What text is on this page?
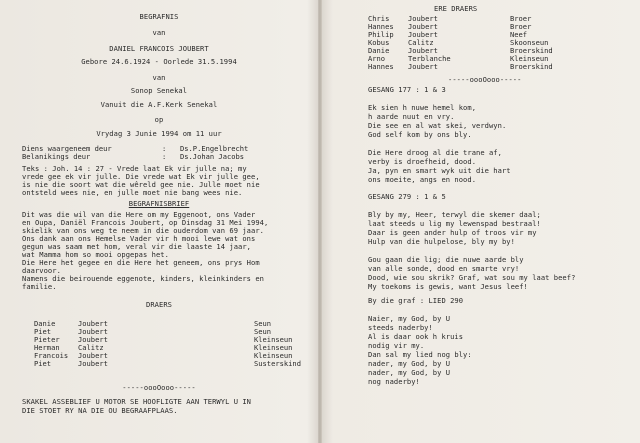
BEGRAFNIS
van
DANIEL FRANCOIS JOUBERT
Gebore 24.6.1924 - Oorlede 31.5.1994
van
Sonop Senekal
Vanuit die A.F.Kerk Senekal
op
Vrydag 3 Junie 1994 om 11 uur
Diens waargeneem deur	:	Ds.P.Engelbrecht
Belanikings deur	:	Ds.Johan Jacobs
Teks : Joh. 14 : 27 - Vrede laat Ek vir julle na; my
vrede gee ek vir julle. Die vrede wat Ek vir julle gee,
is nie die soort wat die wêreld gee nie. Julle moet nie
ontsteld wees nie, en julle moet nie bang wees nie.
BEGRAFNISBRIEF
Dit was die wil van die Here om my Eggenoot, ons Vader
en Oupa, Daniël Francois Joubert, op Dinsdag 31 Mei 1994,
skielik van ons weg te neem in die ouderdom van 69 jaar.
Ons dank aan ons Hemelse Vader vir h mooi lewe wat ons
gegun was saam met hom, veral vir die laaste 14 jaar,
wat Mamma hom so mooi opgepas het.
Die Here het gegee en die Here het geneem, ons prys Hom
daarvoor.
Namens die beirouende eggenote, kinders, kleinkinders en
familie.
DRAERS
Danie	Joubert	Seun
Piet	Joubert	Seun
Pieter	Joubert	Kleinseun
Herman	Calitz	Kleinseun
Francois	Joubert	Kleinseun
Piet	Joubert	Susterskind
-----oooOooo-----
SKAKEL ASSEBLIEF U MOTOR SE HOOFLIGTE AAN TERWYL U IN
DIE STOET RY NA DIE OU BEGRAAFPLAAS.
ERE DRAERS
Chris	Joubert	Broer
Hannes	Joubert	Broer
Philip	Joubert	Neef
Kobus	Calitz	Skoonseun
Danie	Joubert	Broerskind
Arno	Terblanche	Kleinseun
Hannes	Joubert	Broerskind
-----oooOooo-----
GESANG 177 : 1 & 3
Ek sien h nuwe hemel kom,
h aarde nuut en vry.
Die see en al wat skei, verdwyn.
God self kom by ons bly.
Die Here droog al die trane af,
verby is droefheid, dood.
Ja, pyn en smart wyk uit die hart
ons moeite, angs en nood.
GESANG 279 : 1 & 5
Bly by my, Heer, terwyl die skemer daal;
laat steeds u lig my lewenspad bestraal!
Daar is geen ander hulp of troos vir my
Hulp van die hulpelose, bly my by!
Gou gaan die lig; die nuwe aarde bly
van alle sonde, dood en smarte vry!
Dood, wie sou skrik? Graf, wat sou my laat beef?
My toekoms is gewis, want Jesus leef!
By die graf : LIED 290
Naier, my God, by U
steeds naderby!
Al is daar ook h kruis
nodig vir my.
Dan sal my lied nog bly:
nader, my God, by U
nader, my God, by U
nog naderby!
